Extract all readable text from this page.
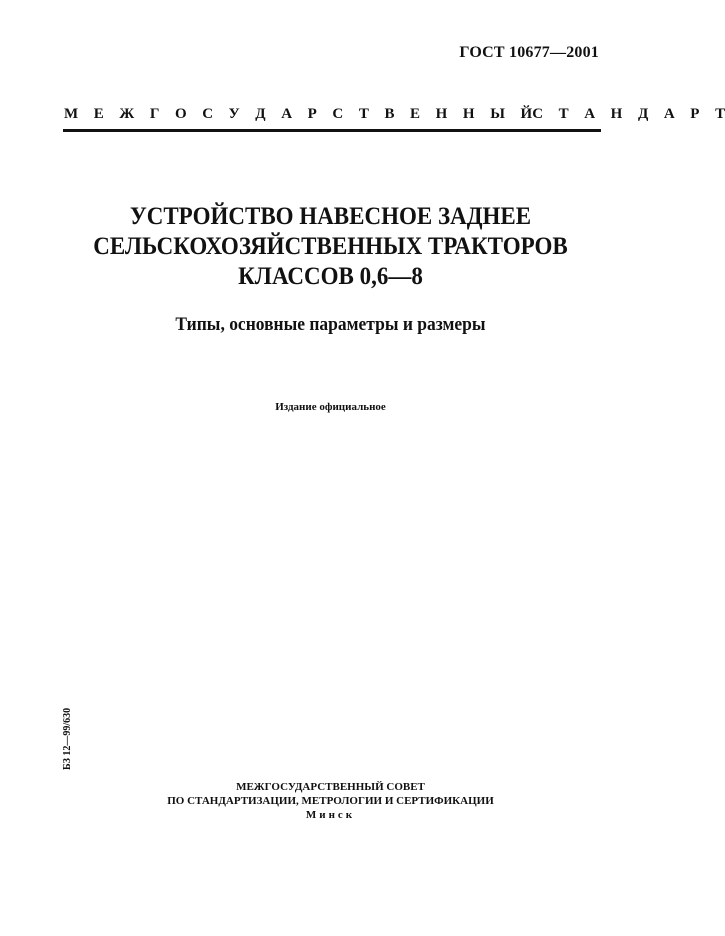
ГОСТ 10677—2001
М Е Ж Г О С У Д А Р С Т В Е Н Н Ы Й С Т А Н Д А Р Т
УСТРОЙСТВО НАВЕСНОЕ ЗАДНЕЕ
СЕЛЬСКОХОЗЯЙСТВЕННЫХ ТРАКТОРОВ
КЛАССОВ 0,6—8
Типы, основные параметры и размеры
Издание официальное
БЗ 12—99/630
МЕЖГОСУДАРСТВЕННЫЙ СОВЕТ
ПО СТАНДАРТИЗАЦИИ, МЕТРОЛОГИИ И СЕРТИФИКАЦИИ
Минск
